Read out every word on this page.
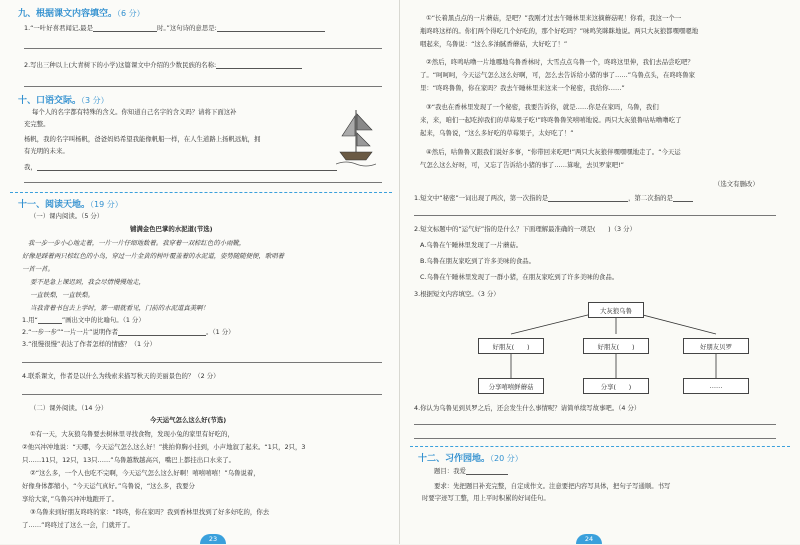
九、根据课文内容填空。（6 分）
1.“一叶好喜君闻记,最是	时。”这句诗的意思是:
2.写出三种以上(大青树下的小学)这篇课文中介绍的少数民族的名称:
十、口语交际。（3 分）
每个人的名字都有特殊的含义。你知道自己名字的含义吗？请将下面这补
充完整。
杨帆，我的名字叫杨帆，爸爸妈妈希望我能像帆船一样，在人生道路上扬帆远航，拥
有光明的未来。
我，
十一、阅读天地。（19 分）
（一）课内阅读。（5 分）
铺满金色巴掌的水泥道(节选)
我一步一步小心地走着，一片一片仔细地数着。我穿着一双棕红色的小雨靴，
好像是踩着两只棕红色的小鸟，穿过一片金黄的树叶覆盖着的水泥道，姿势随随便便，歌唱着
一首一首。
要不是急上课迟到，我会尽情慢慢地走，
一直铁梨，一直铁梨。
当我背着书包去上学时，第一眼就看见，门前的水泥道真美啊！
1.用“	”画出文中的比喻句。（1 分）
2.“一步一步”“一片一片”说明作者	。（1 分）
3.“很慢很慢”表达了作者怎样的情感？（1 分）
4.联系课文，作者是以什么为线索来描写秋天的美丽景色的？（2 分）
（二）课外阅读。（14 分）
今天运气怎么这么好(节选)
①有一天，大灰狼乌鲁要去树林里寻找食物，发现小兔的家里有好吃的，
②他兴冲冲地说：“天哪，今天运气怎么这么好！”挑拍仰胸小挂到，小声地叙了起来。“1只，2只，3
只……11只，12只，13只……”乌鲁越数越高兴，嘴巴上都挂出口水来了。
②“这么多，一个人也吃不完啊，今天运气怎么这么好啊！嘻嘻嘻嘻！”乌鲁说着，
好像身体都缩小，“今天运气真好。”乌鲁说，“这么多，我要分
享给大家，”乌鲁兴冲冲地跑开了。
③乌鲁来到好朋友咚咚的家：“咚咚，你在家吗？我到香林里找到了好多好吃的，你去
了……”咚咚过了这么一会，门就开了。
23
①“长着黑点点的一片蘑菇，是吧？”我刚才过去午睡林里来这摘蘑菇呢！你看，我这一个一
瓶咚咚这样的。你们两个得吃几个好吃的，那个好吃吗？”味鸣笑眯眯地说。两只大灰狼都嘿嘿嗯地
咽起来，乌鲁说：“这么多油腻香蘑菇，大好吃了！”
②然后，咚鸣咕噜一片地哪地乌鲁香林时，大雪点点乌鲁一个，咚咚这里伸，我们去品尝吃吧？
了。“呵呵呵，今天运气怎么这么好啊，可，怎么去告诉给小猪的事了……”乌鲁点头，在咚咚鲁家
里：“咚咚鲁鲁，你在家吗？我去午睡林里来这来一个秘密，我给你……”
③“我也在香林里发现了一个秘密，我要告诉你，就是……你是在家吗，乌鲁，我们
来，来，咱们一起吃掉我们的草莓果子吃!”咚咚鲁鲁笑嘻嘻地说。两只大灰狼鲁咕咕噜噜吃了
起来，乌鲁说，“这么多好吃的草莓果子，太好吃了！”
④然后，咕鲁鲁又跟我们说好多事，“你带回来吃吧!”两只大灰狼伴嘿嘿嘿地走了。“今天运
气怎么这么好呀，可，又忘了告诉给小猪的事了……算啦，去贝罗家吧!”
（选文有删改）
1.短文中“秘密”一词出现了两次，第一次指的是	，第二次指的是
2.短文标题中的“运气好”指的是什么？下面理解最准确的一项是(　　)（3 分）
A.乌鲁在午睡林里发现了一片蘑菇。
B.乌鲁在朋友家吃到了许多美味的食品。
C.乌鲁在午睡林里发现了一群小猪，在朋友家吃到了许多美味的食品。
3.根据短文内容填空。（3 分）
大灰狼乌鲁
好朋友(　　)	好朋友(　　)	好朋友贝罗
分享嘻嘻鲜蘑菇	分享(　　)	……
4.你认为乌鲁见到贝罗之后，还会发生什么事情呢？请简单续写故事吧。（4 分）
十二、习作园地。（20 分）
题目：我爱
要求：先把题目补充完整，自定成作文。注意要把内容写具体，把句子写通顺。书写
时要字迹写工整，用上平时积累的好词佳句。
24
